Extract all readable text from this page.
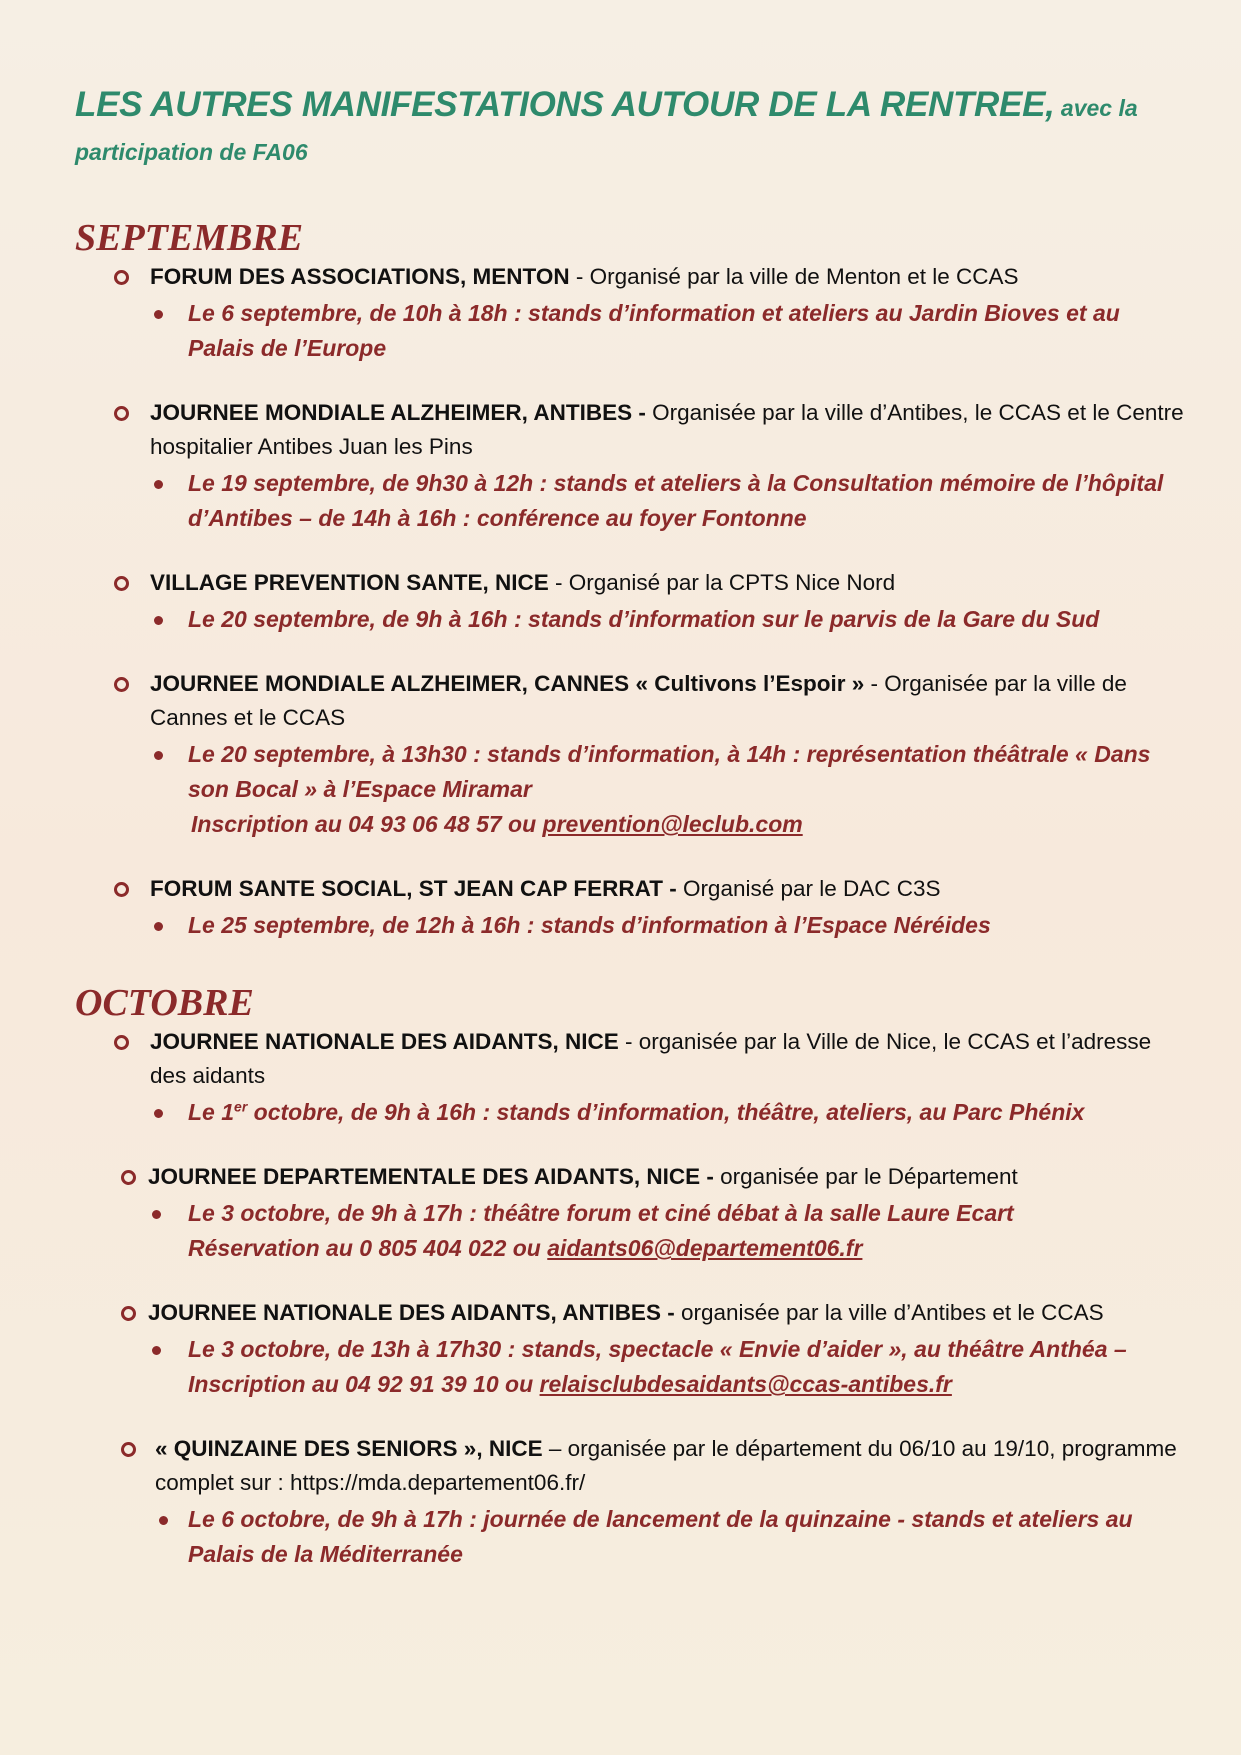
LES AUTRES MANIFESTATIONS AUTOUR DE LA RENTREE, avec la participation de FA06
SEPTEMBRE
FORUM DES ASSOCIATIONS, MENTON - Organisé par la ville de Menton et le CCAS
Le 6 septembre, de 10h à 18h : stands d’information et ateliers au Jardin Bioves et au Palais de l’Europe
JOURNEE MONDIALE ALZHEIMER, ANTIBES - Organisée par la ville d’Antibes, le CCAS et le Centre hospitalier Antibes Juan les Pins
Le 19 septembre, de 9h30 à 12h : stands et ateliers à la Consultation mémoire de l’hôpital d’Antibes – de 14h à 16h : conférence au foyer Fontonne
VILLAGE PREVENTION SANTE, NICE - Organisé par la CPTS Nice Nord
Le 20 septembre, de 9h à 16h : stands d’information sur le parvis de la Gare du Sud
JOURNEE MONDIALE ALZHEIMER, CANNES « Cultivons l’Espoir » - Organisée par la ville de Cannes et le CCAS
Le 20 septembre, à 13h30 : stands d’information, à 14h : représentation théâtrale « Dans son Bocal » à l’Espace Miramar
Inscription au 04 93 06 48 57 ou prevention@leclub.com
FORUM SANTE SOCIAL, ST JEAN CAP FERRAT - Organisé par le DAC C3S
Le 25 septembre, de 12h à 16h : stands d’information à l’Espace Néréides
OCTOBRE
JOURNEE NATIONALE DES AIDANTS, NICE - organisée par la Ville de Nice, le CCAS et l’adresse des aidants
Le 1er octobre, de 9h à 16h : stands d’information, théâtre, ateliers, au Parc Phénix
JOURNEE DEPARTEMENTALE DES AIDANTS, NICE - organisée par le Département
Le 3 octobre, de 9h à 17h : théâtre forum et ciné débat à la salle Laure Ecart
Réservation au 0 805 404 022 ou aidants06@departement06.fr
JOURNEE NATIONALE DES AIDANTS, ANTIBES - organisée par la ville d’Antibes et le CCAS
Le 3 octobre, de 13h à 17h30 : stands, spectacle « Envie d’aider », au théâtre Anthéa – Inscription au 04 92 91 39 10 ou relaisclubdesaidants@ccas-antibes.fr
« QUINZAINE DES SENIORS », NICE – organisée par le département du 06/10 au 19/10, programme complet sur : https://mda.departement06.fr/
Le 6 octobre, de 9h à 17h : journée de lancement de la quinzaine - stands et ateliers au Palais de la Méditerranée
